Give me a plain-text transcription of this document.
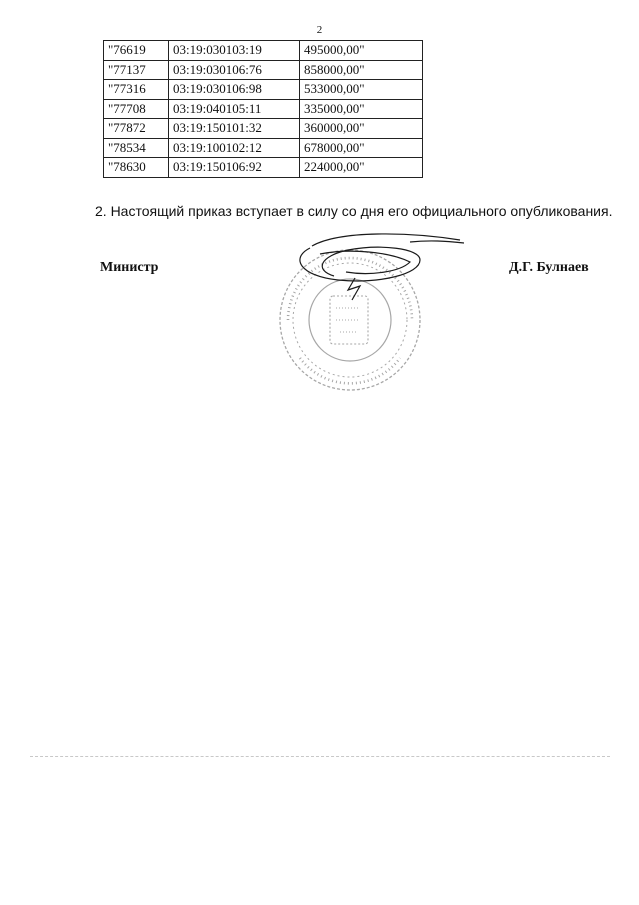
2
"76619	03:19:030103:19	495000,00"
"77137	03:19:030106:76	858000,00"
"77316	03:19:030106:98	533000,00"
"77708	03:19:040105:11	335000,00"
"77872	03:19:150101:32	360000,00"
"78534	03:19:100102:12	678000,00"
"78630	03:19:150106:92	224000,00"
2. Настоящий приказ вступает в силу со дня его официального опубликования.
Министр	Д.Г. Булнаев
